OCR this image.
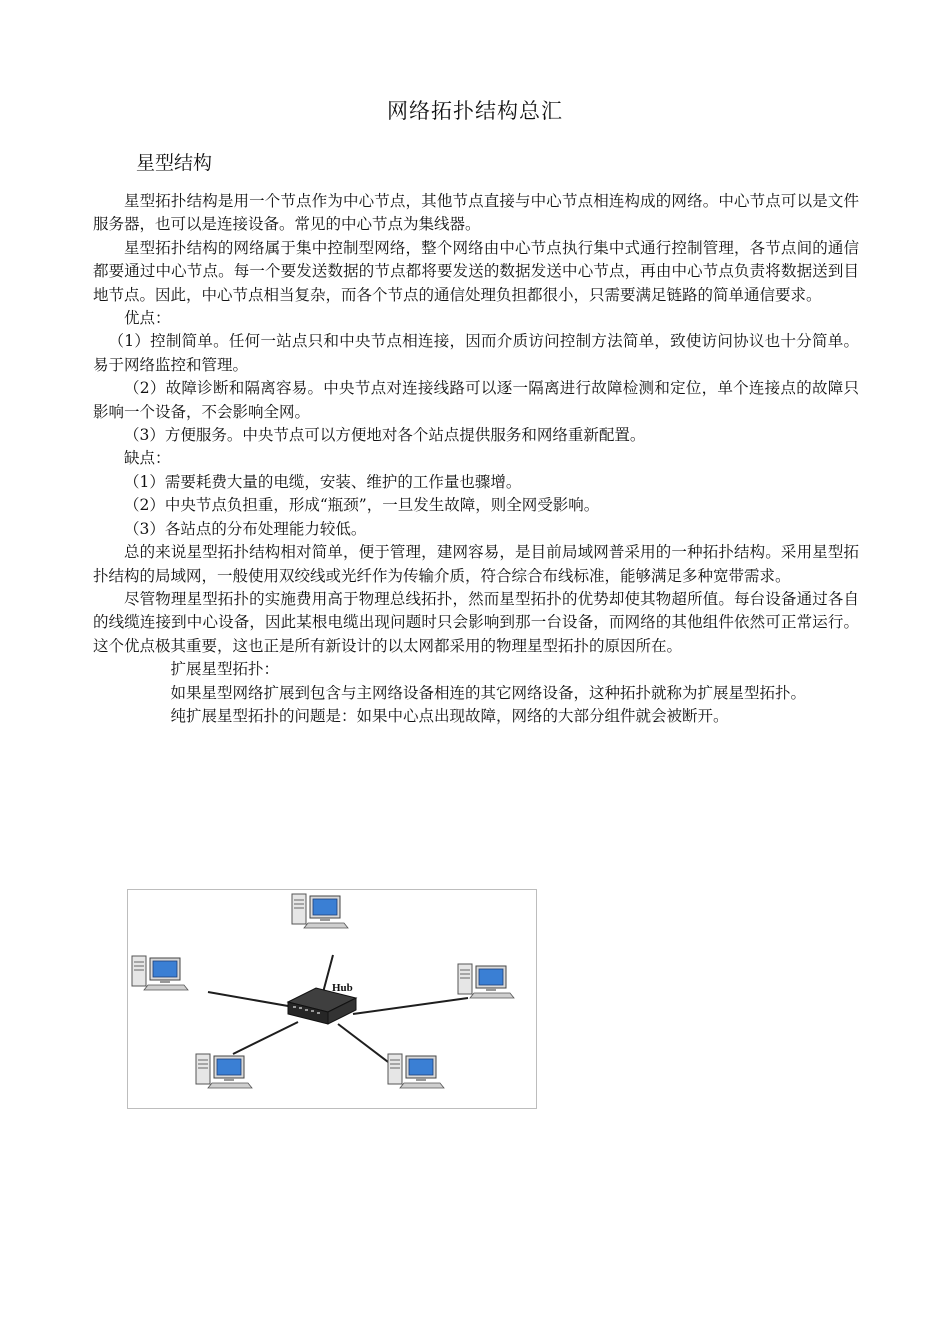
网络拓扑结构总汇
星型结构

星型拓扑结构是用一个节点作为中心节点，其他节点直接与中心节点相连构成的网络。中心节点可以是文件服务器，也可以是连接设备。常见的中心节点为集线器。

星型拓扑结构的网络属于集中控制型网络，整个网络由中心节点执行集中式通行控制管理，各节点间的通信都要通过中心节点。每一个要发送数据的节点都将要发送的数据发送中心节点，再由中心节点负责将数据送到目地节点。因此，中心节点相当复杂，而各个节点的通信处理负担都很小，只需要满足链路的简单通信要求。

优点：

（1）控制简单。任何一站点只和中央节点相连接，因而介质访问控制方法简单，致使访问协议也十分简单。易于网络监控和管理。

（2）故障诊断和隔离容易。中央节点对连接线路可以逐一隔离进行故障检测和定位，单个连接点的故障只影响一个设备，不会影响全网。

（3）方便服务。中央节点可以方便地对各个站点提供服务和网络重新配置。

缺点：

（1）需要耗费大量的电缆，安装、维护的工作量也骤增。

（2）中央节点负担重，形成“瓶颈”，一旦发生故障，则全网受影响。

（3）各站点的分布处理能力较低。

总的来说星型拓扑结构相对简单，便于管理，建网容易，是目前局域网普采用的一种拓扑结构。采用星型拓扑结构的局域网，一般使用双绞线或光纤作为传输介质，符合综合布线标准，能够满足多种宽带需求。

尽管物理星型拓扑的实施费用高于物理总线拓扑，然而星型拓扑的优势却使其物超所值。每台设备通过各自的线缆连接到中心设备，因此某根电缆出现问题时只会影响到那一台设备，而网络的其他组件依然可正常运行。这个优点极其重要，这也正是所有新设计的以太网都采用的物理星型拓扑的原因所在。

扩展星型拓扑：

如果星型网络扩展到包含与主网络设备相连的其它网络设备，这种拓扑就称为扩展星型拓扑。

纯扩展星型拓扑的问题是：如果中心点出现故障，网络的大部分组件就会被断开。

Hub
